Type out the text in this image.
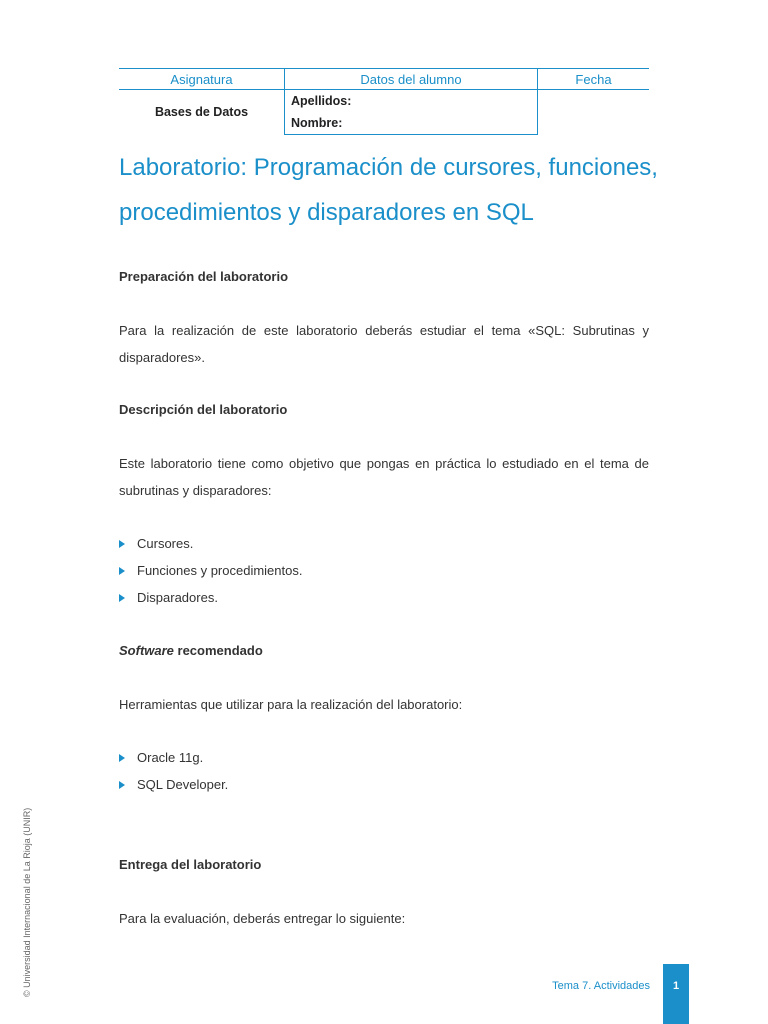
Asignatura	Datos del alumno	Fecha
Bases de Datos	Apellidos:	
	Nombre:	
Laboratorio: Programación de cursores, funciones, procedimientos y disparadores en SQL

Preparación del laboratorio

Para la realización de este laboratorio deberás estudiar el tema «SQL: Subrutinas y disparadores».

Descripción del laboratorio

Este laboratorio tiene como objetivo que pongas en práctica lo estudiado en el tema de subrutinas y disparadores:

Cursores.
Funciones y procedimientos.
Disparadores.

Software recomendado

Herramientas que utilizar para la realización del laboratorio:

Oracle 11g.
SQL Developer.

Entrega del laboratorio

Para la evaluación, deberás entregar lo siguiente:

© Universidad Internacional de La Rioja (UNIR)	Tema 7. Actividades	1
